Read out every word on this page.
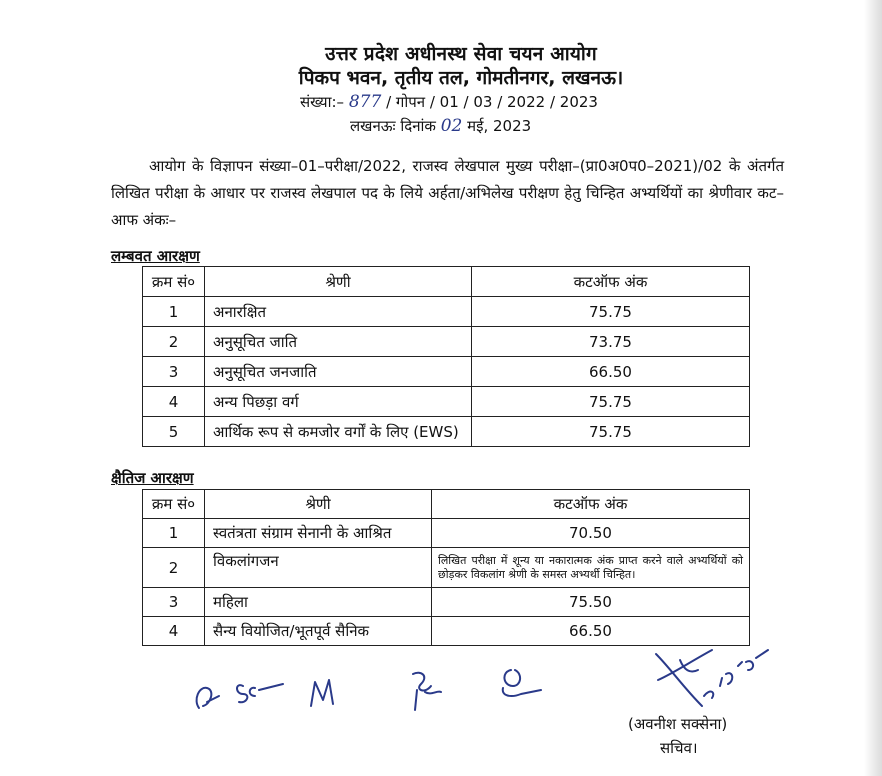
उत्तर प्रदेश अधीनस्थ सेवा चयन आयोग
पिकप भवन, तृतीय तल, गोमतीनगर, लखनऊ।
संख्या:– 877 / गोपन / 01 / 03 / 2022 / 2023
लखनऊः दिनांक 02 मई, 2023

आयोग के विज्ञापन संख्या–01–परीक्षा/2022, राजस्व लेखपाल मुख्य परीक्षा–(प्रा0अ0प0–2021)/02 के अंतर्गत लिखित परीक्षा के आधार पर राजस्व लेखपाल पद के लिये अर्हता/अभिलेख परीक्षण हेतु चिन्हित अभ्यर्थियों का श्रेणीवार कट–आफ अंकः–

लम्बवत आरक्षण
क्रम सं०	श्रेणी	कटऑफ अंक
1	अनारक्षित	75.75
2	अनुसूचित जाति	73.75
3	अनुसूचित जनजाति	66.50
4	अन्य पिछड़ा वर्ग	75.75
5	आर्थिक रूप से कमजोर वर्गों के लिए (EWS)	75.75
क्षैतिज आरक्षण
क्रम सं०	श्रेणी	कटऑफ अंक
1	स्वतंत्रता संग्राम सेनानी के आश्रित	70.50
2	विकलांगजन	लिखित परीक्षा में शून्य या नकारात्मक अंक प्राप्त करने वाले अभ्यर्थियों को छोड़कर विकलांग श्रेणी के समस्त अभ्यर्थी चिन्हित।
3	महिला	75.50
4	सैन्य वियोजित/भूतपूर्व सैनिक	66.50
(अवनीश सक्सेना)
सचिव।
